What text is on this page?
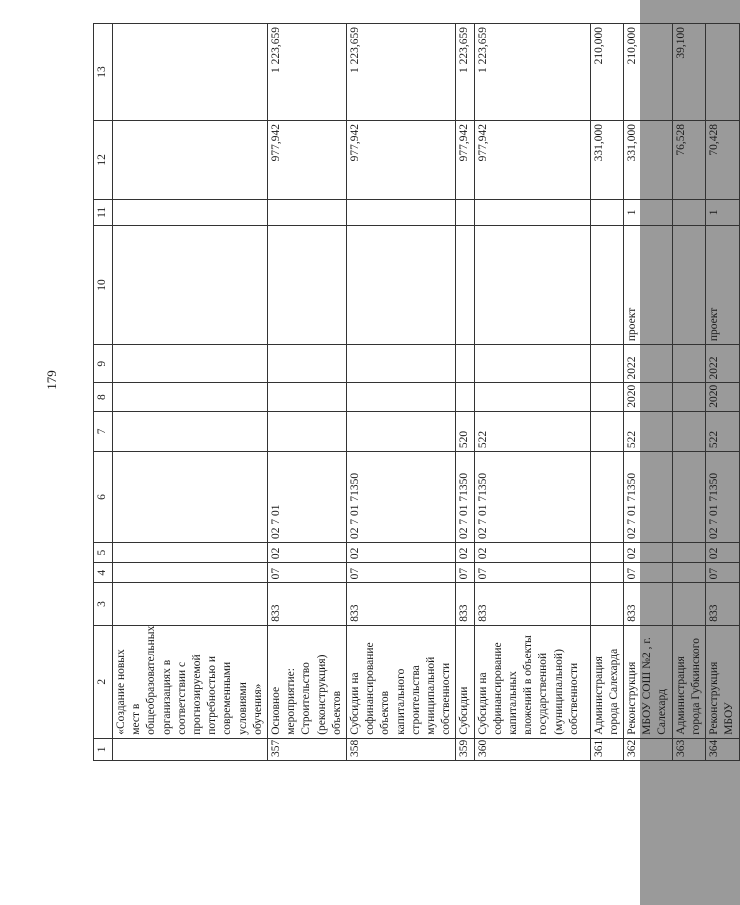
179
1	2	3	4	5	6	7	8	9	10	11	12	13
	«Создание новых мест в общеобразовательных организациях в соответствии с прогнозируемой потребностью и современными условиями обучения»											
357	Основное мероприятие: Строительство (реконструкция) объектов	833	07	02	02 7 01						977,942	1 223,659
358	Субсидии на софинансирование объектов капитального строительства муниципальной собственности	833	07	02	02 7 01 71350						977,942	1 223,659
359	Субсидии	833	07	02	02 7 01 71350	520					977,942	1 223,659
360	Субсидии на софинансирование капитальных вложений в объекты государственной (муниципальной) собственности	833	07	02	02 7 01 71350	522					977,942	1 223,659
361	Администрация города Салехарда										331,000	210,000
362	Реконструкция МБОУ СОШ №2 , г. Салехард	833	07	02	02 7 01 71350	522	2020	2022	проект	1	331,000	210,000
363	Администрация города Губкинского										76,528	39,100
364	Реконструкция МБОУ	833	07	02	02 7 01 71350	522	2020	2022	проект	1	70,428	
